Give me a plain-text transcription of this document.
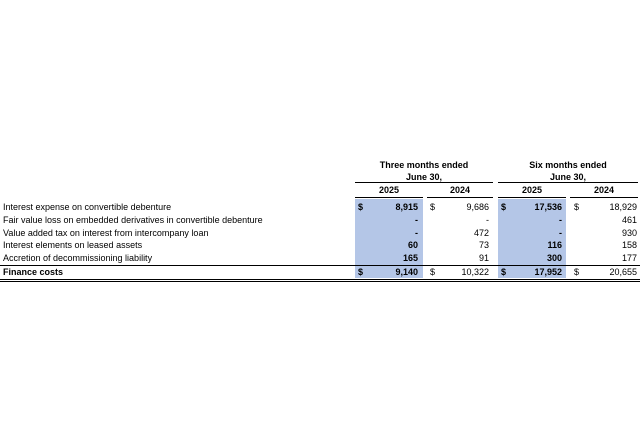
Three months ended
June 30,
Six months ended
June 30,
2025	2024	2025	2024
Interest expense on convertible debenture	$	8,915 $	9,686 $	17,536 $	18,929
Fair value loss on embedded derivatives in convertible debenture	-	-	-	461
Value added tax on interest from intercompany loan	-	472	-	930
Interest elements on leased assets	60	73	116	158
Accretion of decommissioning liability	165	91	300	177
Finance costs	$	9,140 $	10,322 $	17,952 $	20,655
